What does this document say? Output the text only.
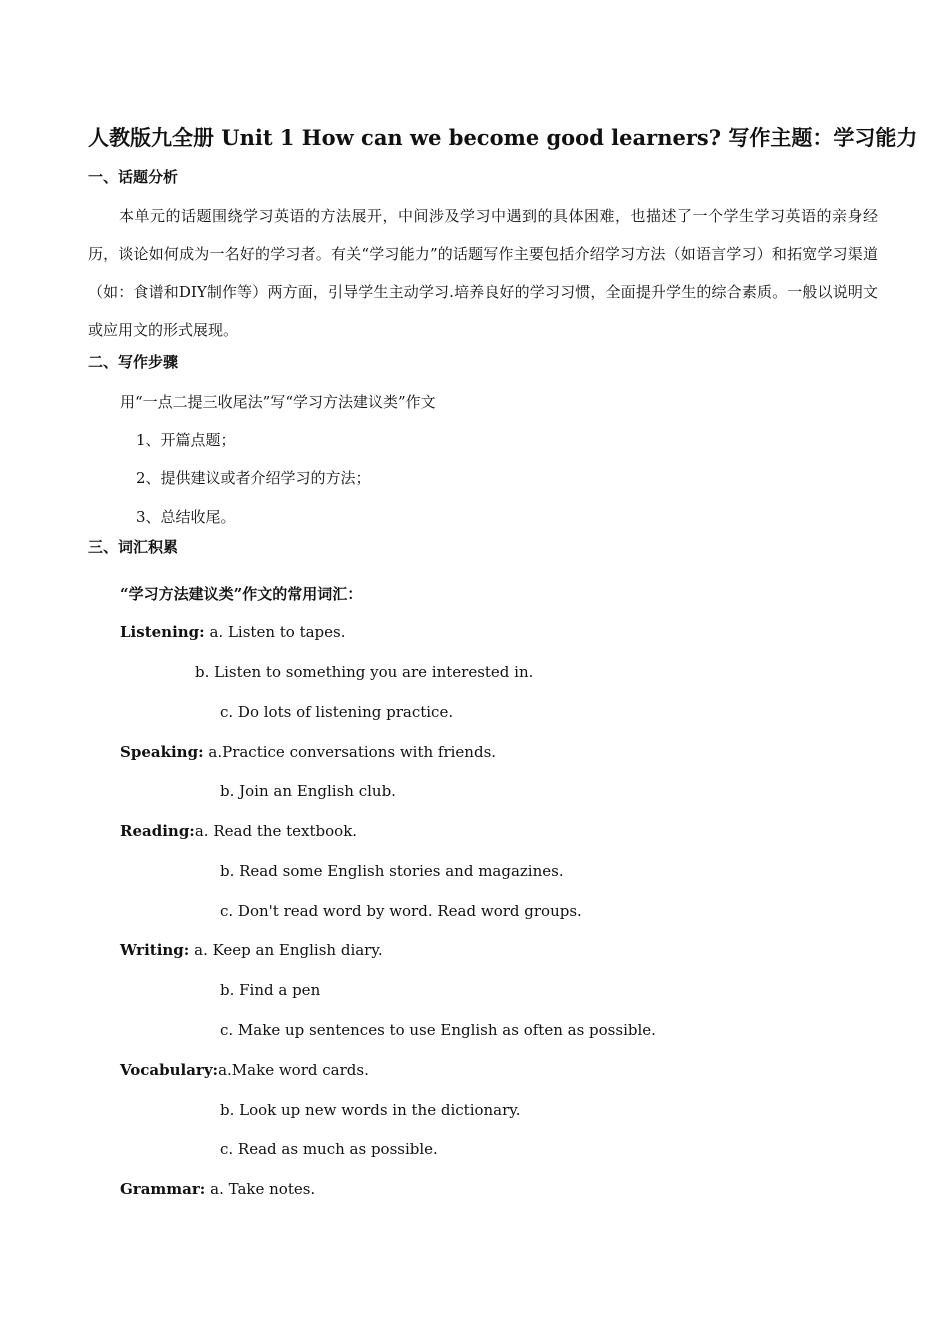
人教版九全册 Unit 1 How can we become good learners? 写作主题：学习能力
一、话题分析
本单元的话题围绕学习英语的方法展开，中间涉及学习中遇到的具体困难，也描述了一个学生学习英语的亲身经历，谈论如何成为一名好的学习者。有关“学习能力”的话题写作主要包括介绍学习方法（如语言学习）和拓宽学习渠道（如：食谱和DIY制作等）两方面，引导学生主动学习.培养良好的学习习惯，全面提升学生的综合素质。一般以说明文或应用文的形式展现。
二、写作步骤
用“一点二提三收尾法”写“学习方法建议类”作文
1、开篇点题；
2、提供建议或者介绍学习的方法；
3、总结收尾。
三、词汇积累
“学习方法建议类”作文的常用词汇：
Listening: a. Listen to tapes.
b. Listen to something you are interested in.
c. Do lots of listening practice.
Speaking: a.Practice conversations with friends.
b. Join an English club.
Reading:a. Read the textbook.
b. Read some English stories and magazines.
c. Don't read word by word. Read word groups.
Writing: a. Keep an English diary.
b. Find a pen
c. Make up sentences to use English as often as possible.
Vocabulary:a.Make word cards.
b. Look up new words in the dictionary.
c. Read as much as possible.
Grammar: a. Take notes.
